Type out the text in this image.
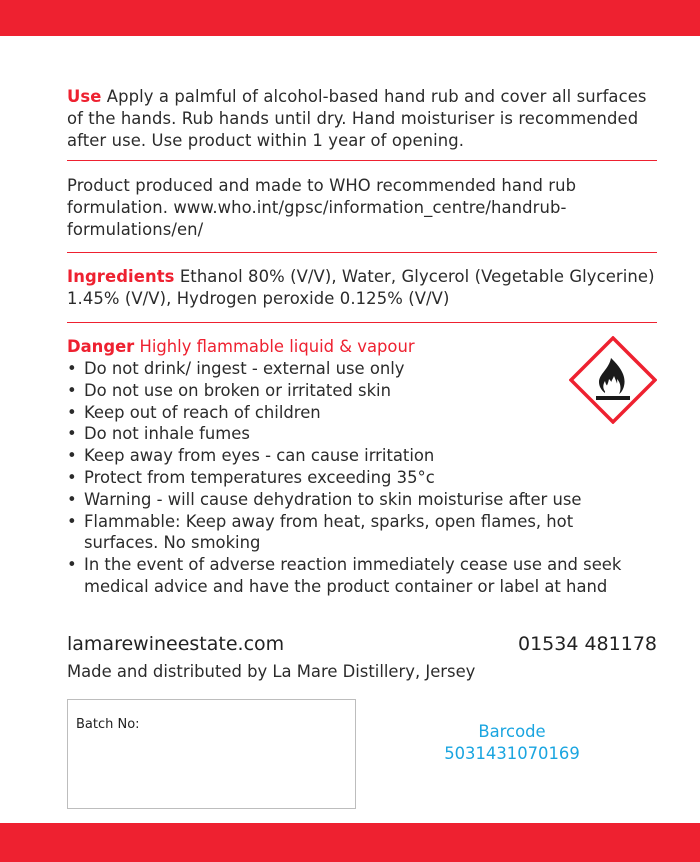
Use Apply a palmful of alcohol-based hand rub and cover all surfaces of the hands. Rub hands until dry. Hand moisturiser is recommended after use. Use product within 1 year of opening.

Product produced and made to WHO recommended hand rub formulation. www.who.int/gpsc/information_centre/handrub-formulations/en/

Ingredients Ethanol 80% (V/V), Water, Glycerol (Vegetable Glycerine) 1.45% (V/V), Hydrogen peroxide 0.125% (V/V)

Danger Highly flammable liquid & vapour

• Do not drink/ ingest - external use only
• Do not use on broken or irritated skin
• Keep out of reach of children
• Do not inhale fumes
• Keep away from eyes - can cause irritation
• Protect from temperatures exceeding 35°c
• Warning - will cause dehydration to skin moisturise after use
• Flammable: Keep away from heat, sparks, open flames, hot surfaces. No smoking
• In the event of adverse reaction immediately cease use and seek medical advice and have the product container or label at hand
lamarewineestate.com	01534 481178
Made and distributed by La Mare Distillery, Jersey
Batch No:	Barcode
5031431070169
